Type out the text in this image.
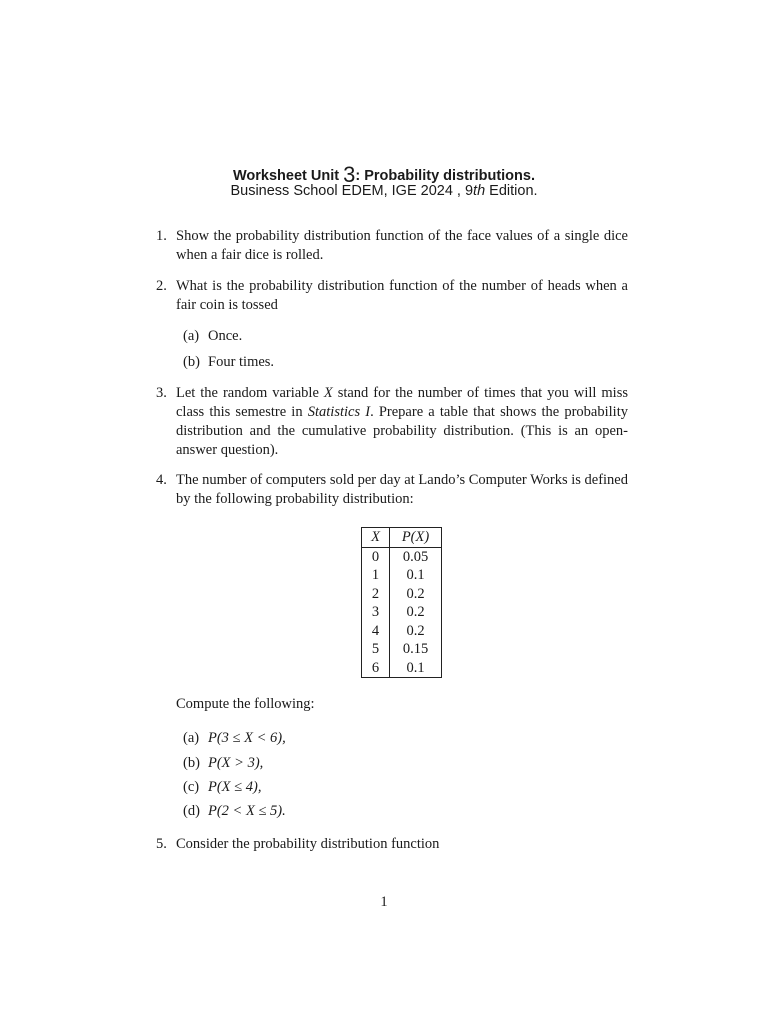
Worksheet Unit 3: Probability distributions.
Business School EDEM, IGE 2024 , 9th Edition.
1. Show the probability distribution function of the face values of a single dice when a fair dice is rolled.
2. What is the probability distribution function of the number of heads when a fair coin is tossed
(a) Once.
(b) Four times.
3. Let the random variable X stand for the number of times that you will miss class this semestre in Statistics I. Prepare a table that shows the probability distribution and the cumulative probability distribution. (This is an open-answer question).
4. The number of computers sold per day at Lando’s Computer Works is defined by the following probability distribution:
X	P(X)
0	0.05
1	0.1
2	0.2
3	0.2
4	0.2
5	0.15
6	0.1
Compute the following:
(a) P(3 ≤ X < 6),
(b) P(X > 3),
(c) P(X ≤ 4),
(d) P(2 < X ≤ 5).
5. Consider the probability distribution function
1
